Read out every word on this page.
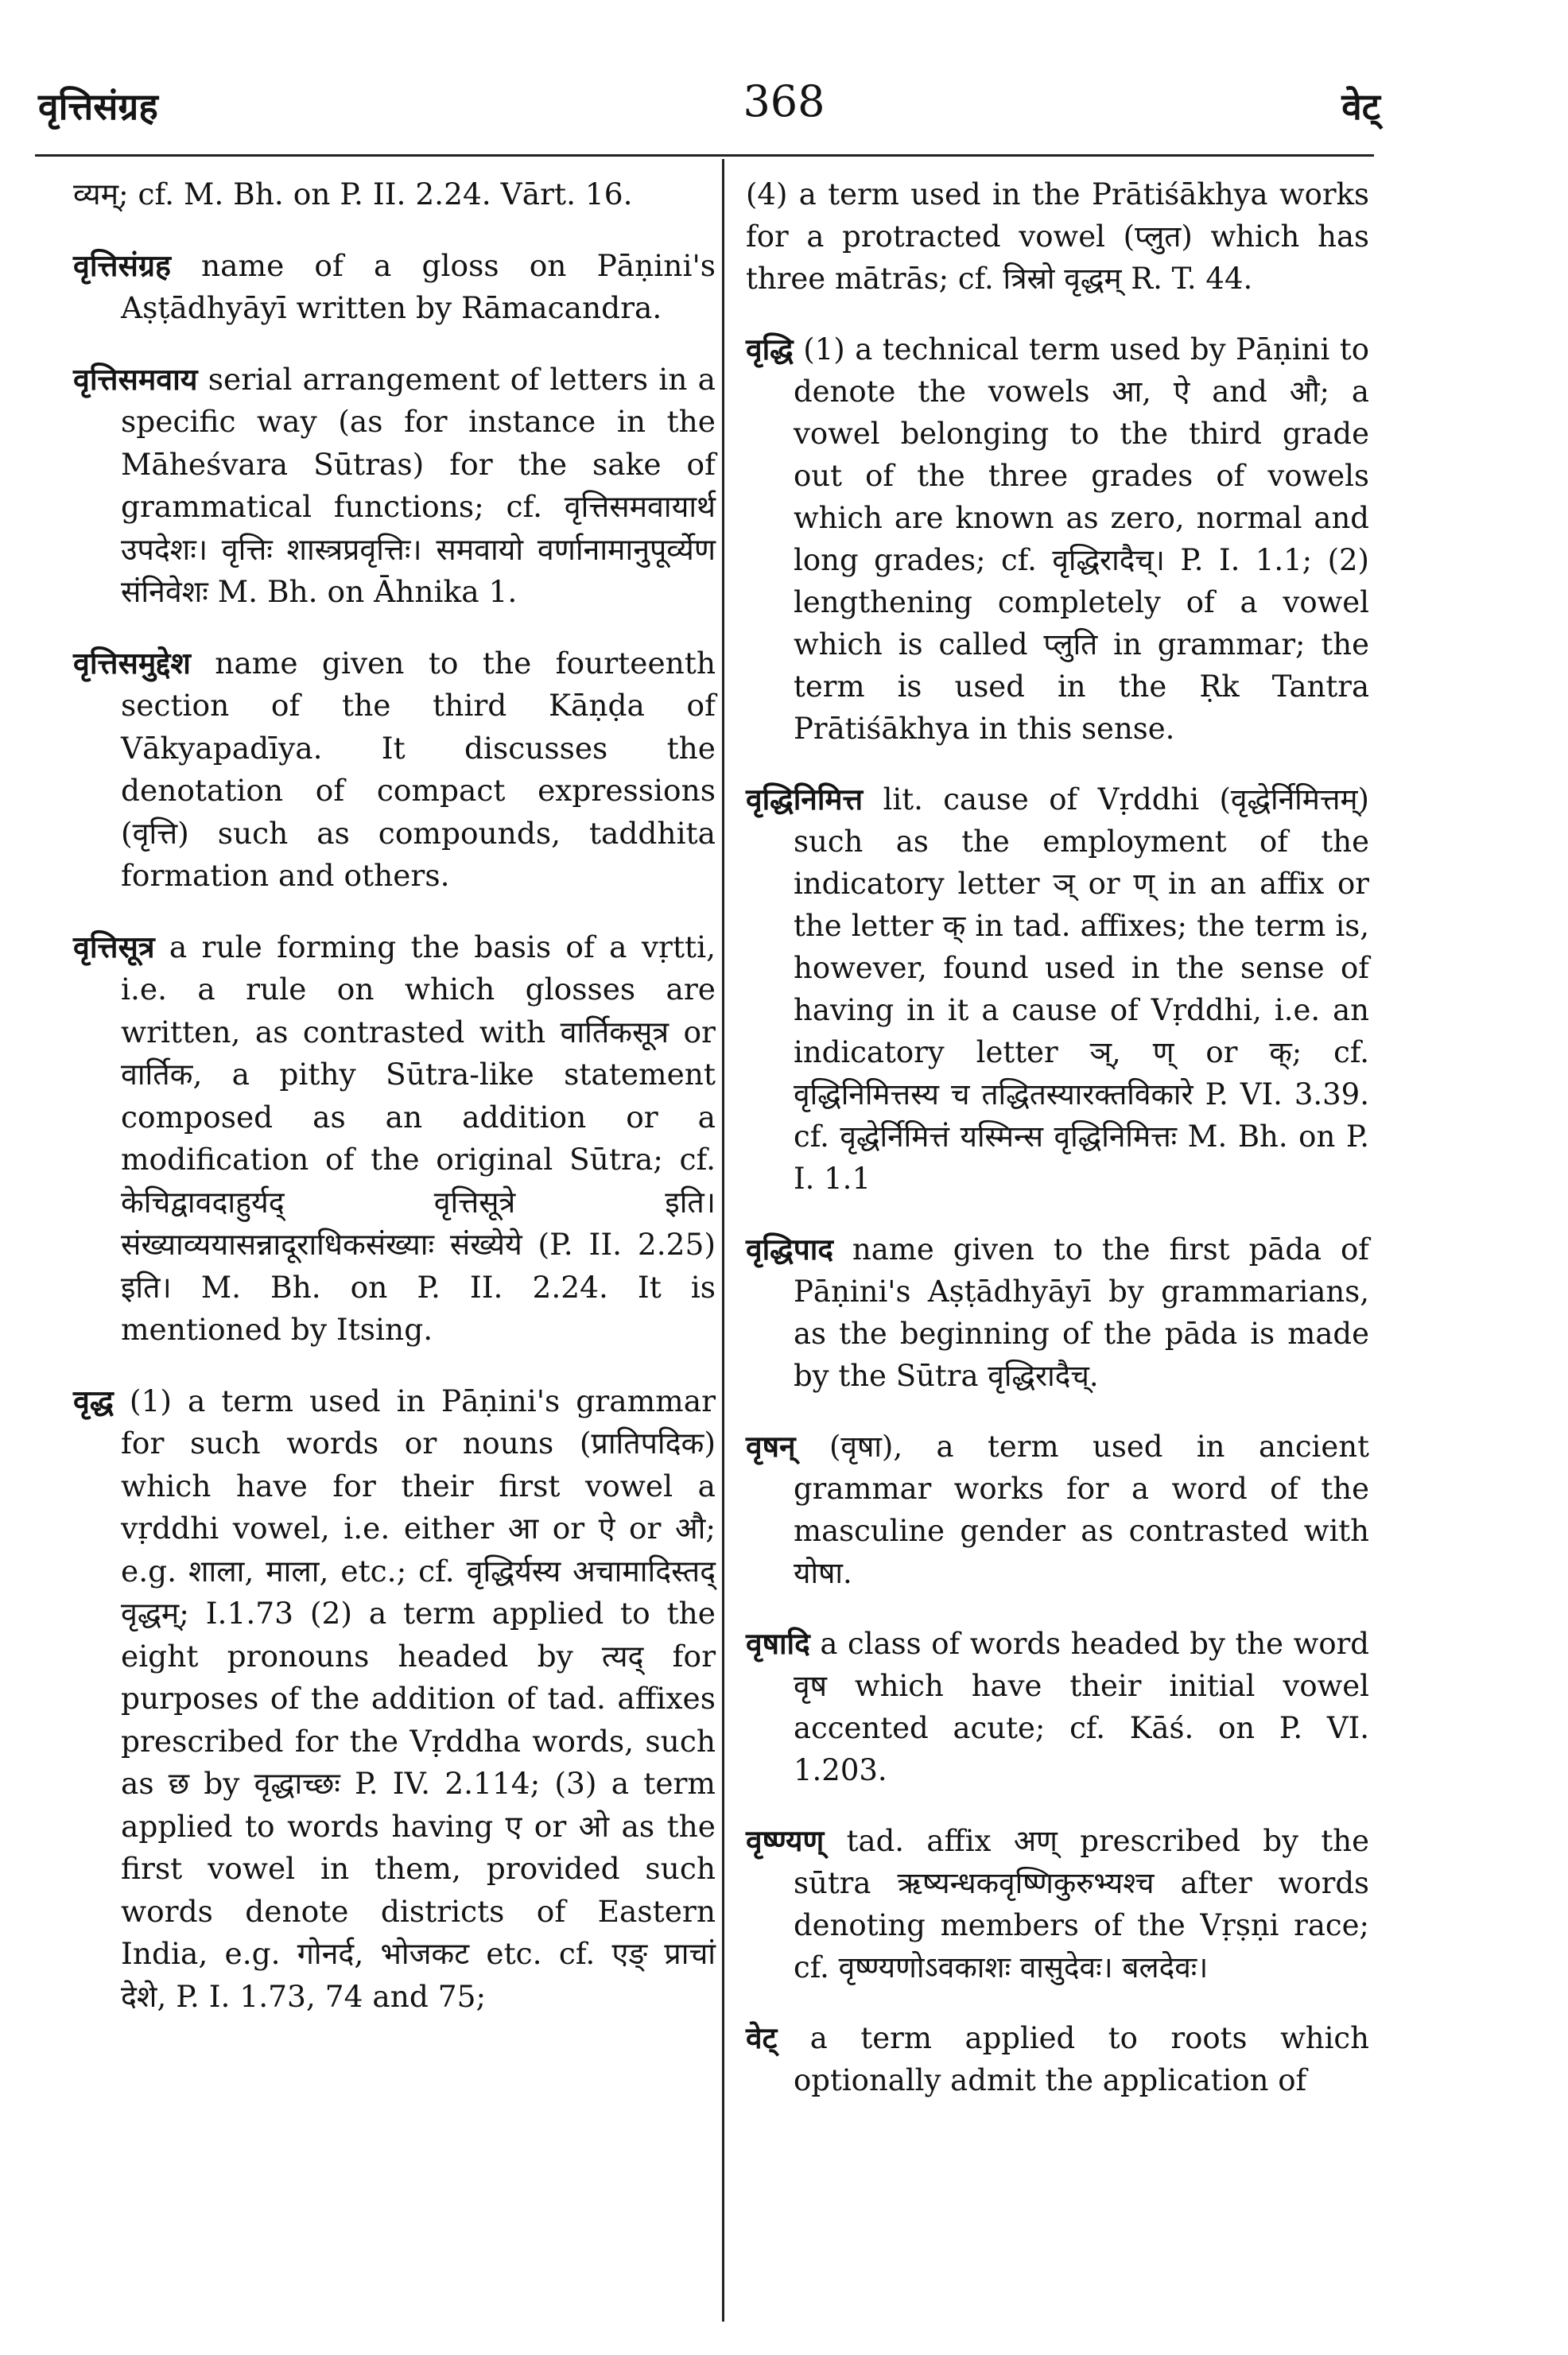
वृत्तिसंग्रह	368	वेट्

व्यम्; cf. M. Bh. on P. II. 2.24. Vārt. 16.

वृत्तिसंग्रह name of a gloss on Pāṇini's Aṣṭādhyāyī written by Rāmacandra.

वृत्तिसमवाय serial arrangement of letters in a specific way (as for instance in the Māheśvara Sūtras) for the sake of grammatical functions; cf. वृत्तिसमवायार्थ उपदेशः। वृत्तिः शास्त्रप्रवृत्तिः। समवायो वर्णानामानुपूर्व्येण संनिवेशः M. Bh. on Āhnika 1.

वृत्तिसमुद्देश name given to the fourteenth section of the third Kāṇḍa of Vākyapadīya. It discusses the denotation of compact expressions (वृत्ति) such as compounds, taddhita formation and others.

वृत्तिसूत्र a rule forming the basis of a vṛtti, i.e. a rule on which glosses are written, as contrasted with वार्तिकसूत्र or वार्तिक, a pithy Sūtra-like statement composed as an addition or a modification of the original Sūtra; cf. केचिद्वावदाहुर्यद् वृत्तिसूत्रे इति। संख्याव्ययासन्नादूराधिकसंख्याः संख्येये (P. II. 2.25) इति। M. Bh. on P. II. 2.24. It is mentioned by Itsing.

वृद्ध (1) a term used in Pāṇini's grammar for such words or nouns (प्रातिपदिक) which have for their first vowel a vṛddhi vowel, i.e. either आ or ऐ or औ; e.g. शाला, माला, etc.; cf. वृद्धिर्यस्य अचामादिस्तद् वृद्धम्; I.1.73 (2) a term applied to the eight pronouns headed by त्यद् for purposes of the addition of tad. affixes prescribed for the Vṛddha words, such as छ by वृद्धाच्छः P. IV. 2.114; (3) a term applied to words having ए or ओ as the first vowel in them, provided such words denote districts of Eastern India, e.g. गोनर्द, भोजकट etc. cf. एङ् प्राचां देशे, P. I. 1.73, 74 and 75;

(4) a term used in the Prātiśākhya works for a protracted vowel (प्लुत) which has three mātrās; cf. त्रिस्रो वृद्धम् R. T. 44.

वृद्धि (1) a technical term used by Pāṇini to denote the vowels आ, ऐ and औ; a vowel belonging to the third grade out of the three grades of vowels which are known as zero, normal and long grades; cf. वृद्धिरादैच्। P. I. 1.1; (2) lengthening completely of a vowel which is called प्लुति in grammar; the term is used in the Ṛk Tantra Prātiśākhya in this sense.

वृद्धिनिमित्त lit. cause of Vṛddhi (वृद्धेर्निमित्तम्) such as the employment of the indicatory letter ञ् or ण् in an affix or the letter क् in tad. affixes; the term is, however, found used in the sense of having in it a cause of Vṛddhi, i.e. an indicatory letter ञ्, ण् or क्; cf. वृद्धिनिमित्तस्य च तद्धितस्यारक्तविकारे P. VI. 3.39. cf. वृद्धेर्निमित्तं यस्मिन्स वृद्धिनिमित्तः M. Bh. on P. I. 1.1

वृद्धिपाद name given to the first pāda of Pāṇini's Aṣṭādhyāyī by grammarians, as the beginning of the pāda is made by the Sūtra वृद्धिरादैच्.

वृषन् (वृषा), a term used in ancient grammar works for a word of the masculine gender as contrasted with योषा.

वृषादि a class of words headed by the word वृष which have their initial vowel accented acute; cf. Kāś. on P. VI. 1.203.

वृष्ण्यण् tad. affix अण् prescribed by the sūtra ऋष्यन्धकवृष्णिकुरुभ्यश्च after words denoting members of the Vṛṣṇi race; cf. वृष्ण्यणोऽवकाशः वासुदेवः। बलदेवः।

वेट् a term applied to roots which optionally admit the application of
